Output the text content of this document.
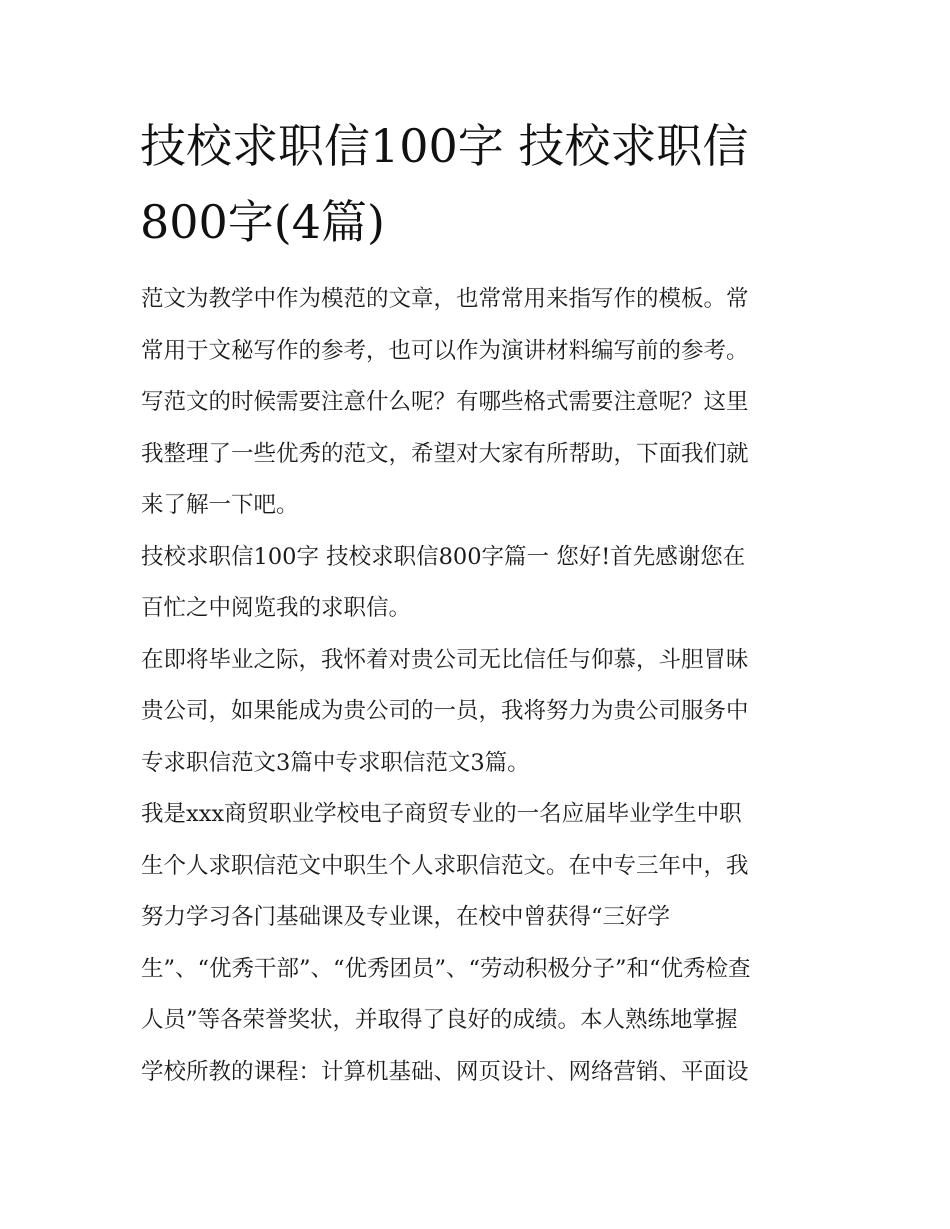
技校求职信100字 技校求职信
800字(4篇)
范文为教学中作为模范的文章，也常常用来指写作的模板。常
常用于文秘写作的参考，也可以作为演讲材料编写前的参考。
写范文的时候需要注意什么呢？有哪些格式需要注意呢？这里
我整理了一些优秀的范文，希望对大家有所帮助，下面我们就
来了解一下吧。
技校求职信100字 技校求职信800字篇一 您好!首先感谢您在
百忙之中阅览我的求职信。
在即将毕业之际，我怀着对贵公司无比信任与仰慕，斗胆冒昧
贵公司，如果能成为贵公司的一员，我将努力为贵公司服务中
专求职信范文3篇中专求职信范文3篇。
我是xxx商贸职业学校电子商贸专业的一名应届毕业学生中职
生个人求职信范文中职生个人求职信范文。在中专三年中，我
努力学习各门基础课及专业课，在校中曾获得“三好学
生”、“优秀干部”、“优秀团员”、“劳动积极分子”和“优秀检查
人员”等各荣誉奖状，并取得了良好的成绩。本人熟练地掌握
学校所教的课程：计算机基础、网页设计、网络营销、平面设
